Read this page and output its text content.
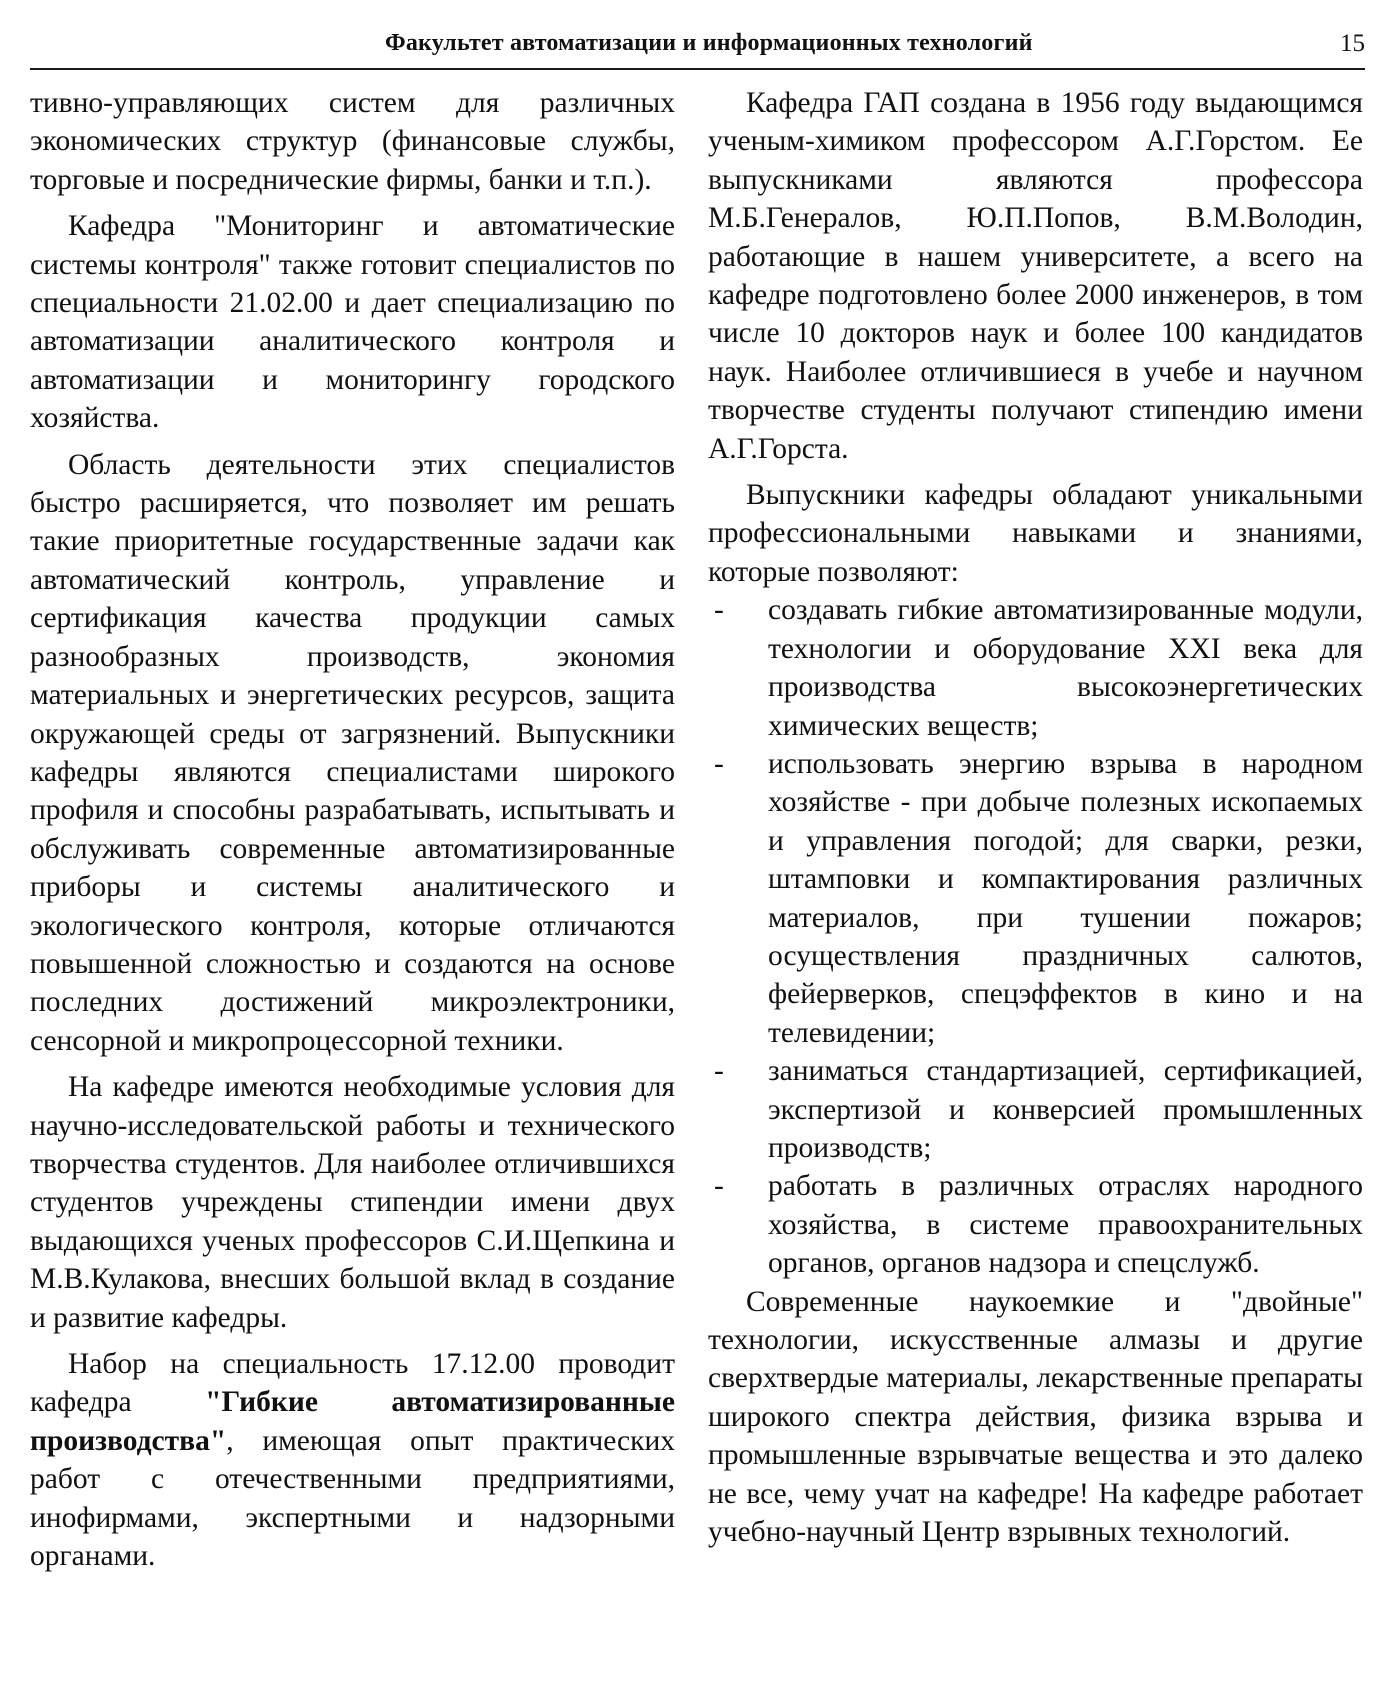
Факультет автоматизации и информационных технологий	15

тивно-управляющих систем для различных экономических структур (финансовые службы, торговые и посреднические фирмы, банки и т.п.).

Кафедра "Мониторинг и автоматические системы контроля" также готовит специалистов по специальности 21.02.00 и дает специализацию по автоматизации аналитического контроля и автоматизации и мониторингу городского хозяйства.

Область деятельности этих специалистов быстро расширяется, что позволяет им решать такие приоритетные государственные задачи как автоматический контроль, управление и сертификация качества продукции самых разнообразных производств, экономия материальных и энергетических ресурсов, защита окружающей среды от загрязнений. Выпускники кафедры являются специалистами широкого профиля и способны разрабатывать, испытывать и обслуживать современные автоматизированные приборы и системы аналитического и экологического контроля, которые отличаются повышенной сложностью и создаются на основе последних достижений микроэлектроники, сенсорной и микропроцессорной техники.

На кафедре имеются необходимые условия для научно-исследовательской работы и технического творчества студентов. Для наиболее отличившихся студентов учреждены стипендии имени двух выдающихся ученых профессоров С.И.Щепкина и М.В.Кулакова, внесших большой вклад в создание и развитие кафедры.

Набор на специальность 17.12.00 проводит кафедра "Гибкие автоматизированные производства", имеющая опыт практических работ с отечественными предприятиями, инофирмами, экспертными и надзорными органами.

Кафедра ГАП создана в 1956 году выдающимся ученым-химиком профессором А.Г.Горстом. Ее выпускниками являются профессора М.Б.Генералов, Ю.П.Попов, В.М.Володин, работающие в нашем университете, а всего на кафедре подготовлено более 2000 инженеров, в том числе 10 докторов наук и более 100 кандидатов наук. Наиболее отличившиеся в учебе и научном творчестве студенты получают стипендию имени А.Г.Горста.

Выпускники кафедры обладают уникальными профессиональными навыками и знаниями, которые позволяют:

- создавать гибкие автоматизированные модули, технологии и оборудование XXI века для производства высокоэнергетических химических веществ;
- использовать энергию взрыва в народном хозяйстве - при добыче полезных ископаемых и управления погодой; для сварки, резки, штамповки и компактирования различных материалов, при тушении пожаров; осуществления праздничных салютов, фейерверков, спецэффектов в кино и на телевидении;
- заниматься стандартизацией, сертификацией, экспертизой и конверсией промышленных производств;
- работать в различных отраслях народного хозяйства, в системе правоохранительных органов, органов надзора и спецслужб.

Современные наукоемкие и "двойные" технологии, искусственные алмазы и другие сверхтвердые материалы, лекарственные препараты широкого спектра действия, физика взрыва и промышленные взрывчатые вещества и это далеко не все, чему учат на кафедре! На кафедре работает учебно-научный Центр взрывных технологий.
